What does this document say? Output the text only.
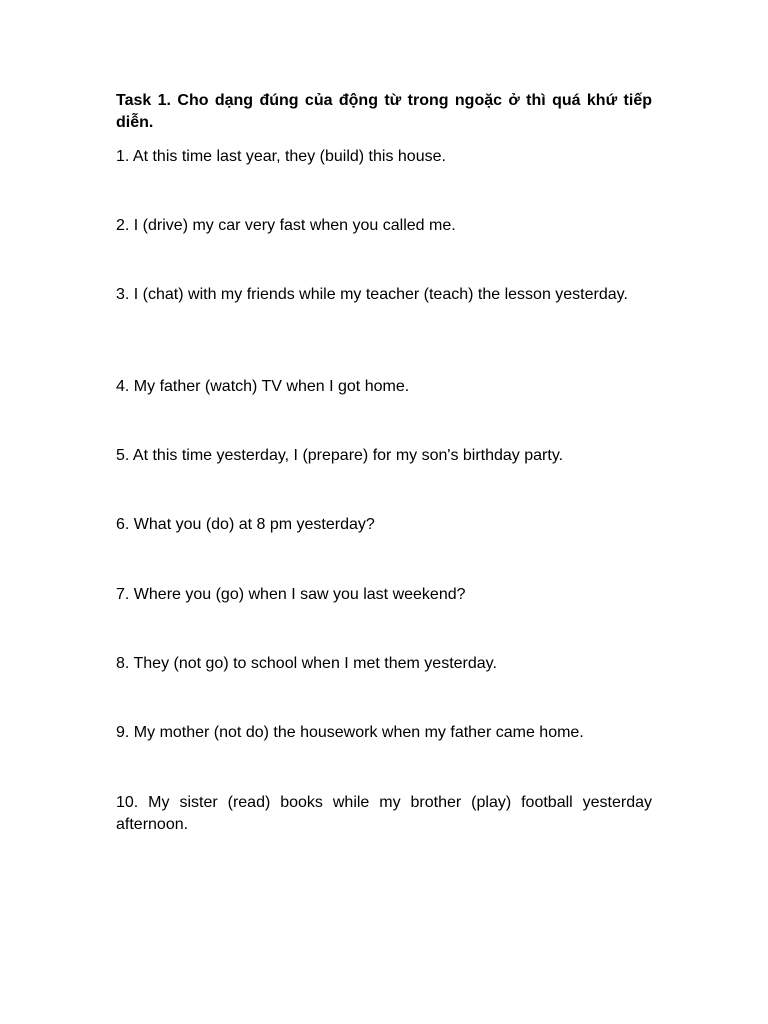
Task 1. Cho dạng đúng của động từ trong ngoặc ở thì quá khứ tiếp diễn.
1. At this time last year, they (build) this house.
2. I (drive) my car very fast when you called me.
3. I (chat) with my friends while my teacher (teach) the lesson yesterday.
4. My father (watch) TV when I got home.
5. At this time yesterday, I (prepare) for my son's birthday party.
6. What you (do) at 8 pm yesterday?
7. Where you (go) when I saw you last weekend?
8. They (not go) to school when I met them yesterday.
9. My mother (not do) the housework when my father came home.
10. My sister (read) books while my brother (play) football yesterday afternoon.
